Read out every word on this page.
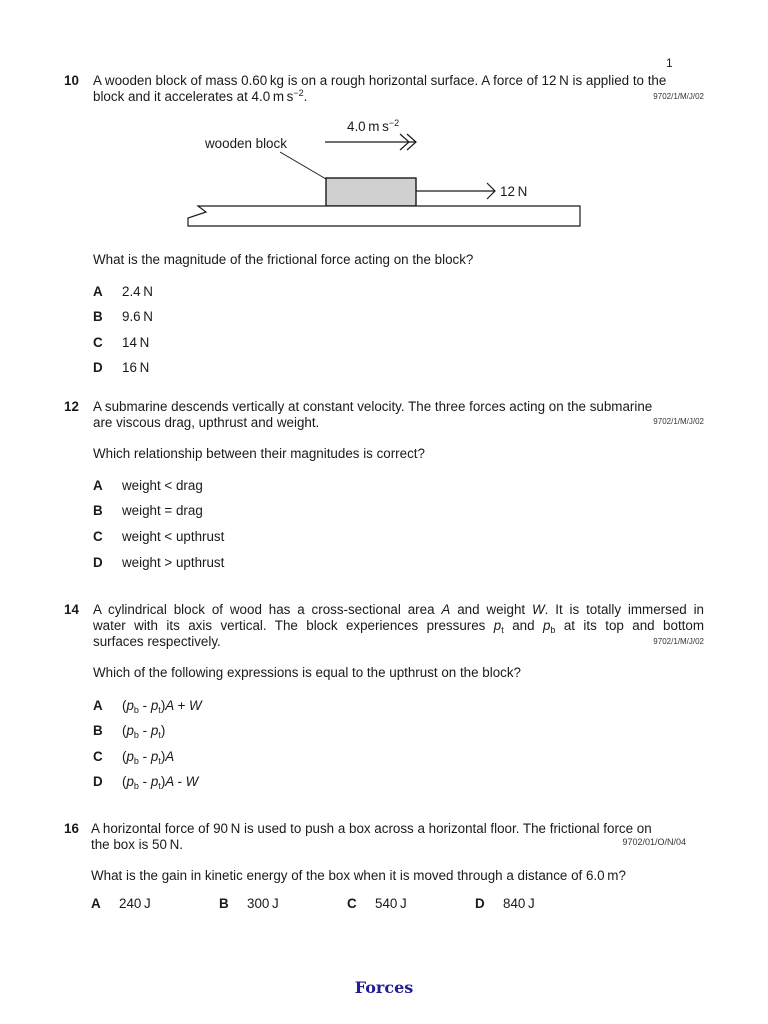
1
10 A wooden block of mass 0.60 kg is on a rough horizontal surface. A force of 12 N is applied to the
block and it accelerates at 4.0 m $s^{-2}$.	9702/1/M/J/02
4.0 m $s^{-2}$
wooden block
12 N
What is the magnitude of the frictional force acting on the block?
A 2.4 N
B 9.6 N
C 14 N
D 16 N
12 A submarine descends vertically at constant velocity. The three forces acting on the submarine
are viscous drag, upthrust and weight.	9702/1/M/J/02
Which relationship between their magnitudes is correct?
A weight < drag
B weight = drag
C weight < upthrust
D weight > upthrust
14 A cylindrical block of wood has a cross-sectional area A and weight W. It is totally immersed in
water with its axis vertical. The block experiences pressures $p_t$ and $p_b$ at its top and bottom
surfaces respectively.	9702/1/M/J/02
Which of the following expressions is equal to the upthrust on the block?
A $(p_b - p_t)A + W$
B $(p_b - p_t)$
C $(p_b - p_t)A$
D $(p_b - p_t)A$ - W
16 A horizontal force of 90 N is used to push a box across a horizontal floor. The frictional force on
the box is 50 N.	9702/01/O/N/04
What is the gain in kinetic energy of the box when it is moved through a distance of 6.0 m?
A 240 J	B 300 J	C 540 J	D 840 J
Forces
